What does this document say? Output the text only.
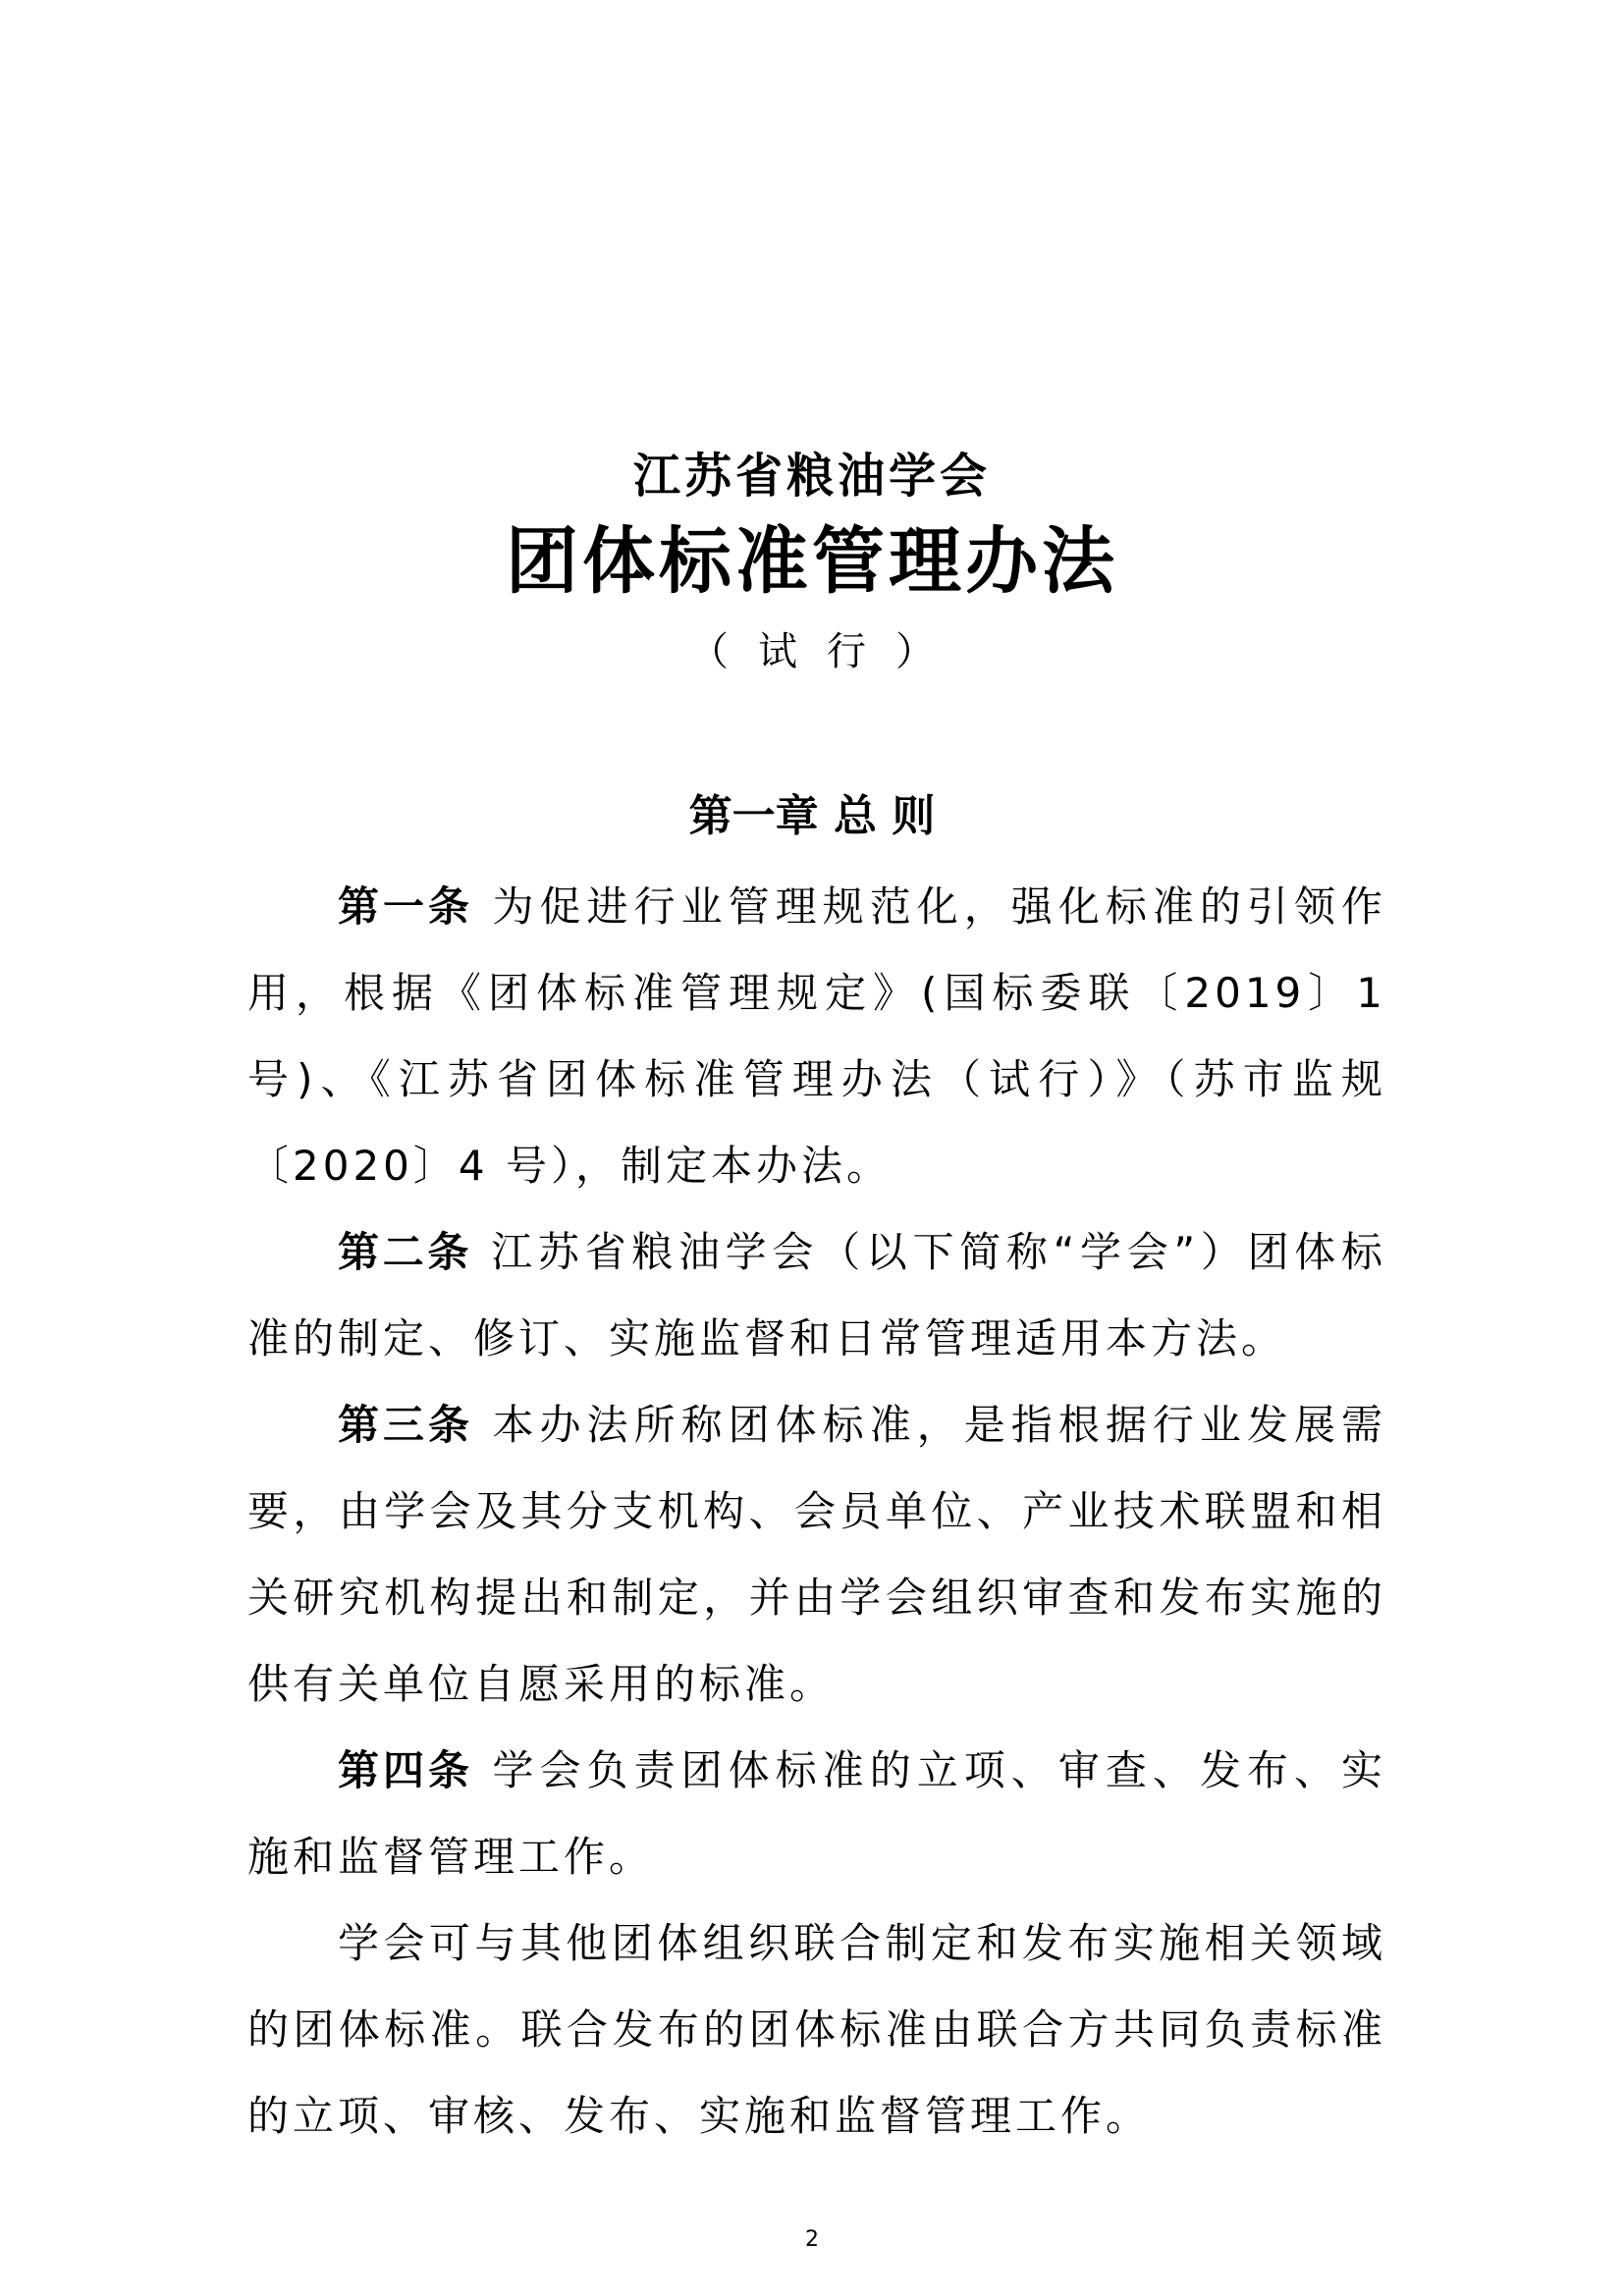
江苏省粮油学会
团体标准管理办法
（试行）
第一章 总 则

第一条 为促进行业管理规范化，强化标准的引领作用，根据《团体标准管理规定》(国标委联〔2019〕1 号)、《江苏省团体标准管理办法（试行）》（苏市监规〔2020〕4 号），制定本办法。

第二条 江苏省粮油学会（以下简称“学会”）团体标准的制定、修订、实施监督和日常管理适用本方法。

第三条 本办法所称团体标准，是指根据行业发展需要，由学会及其分支机构、会员单位、产业技术联盟和相关研究机构提出和制定，并由学会组织审查和发布实施的供有关单位自愿采用的标准。

第四条 学会负责团体标准的立项、审查、发布、实施和监督管理工作。

学会可与其他团体组织联合制定和发布实施相关领域的团体标准。联合发布的团体标准由联合方共同负责标准的立项、审核、发布、实施和监督管理工作。

2
